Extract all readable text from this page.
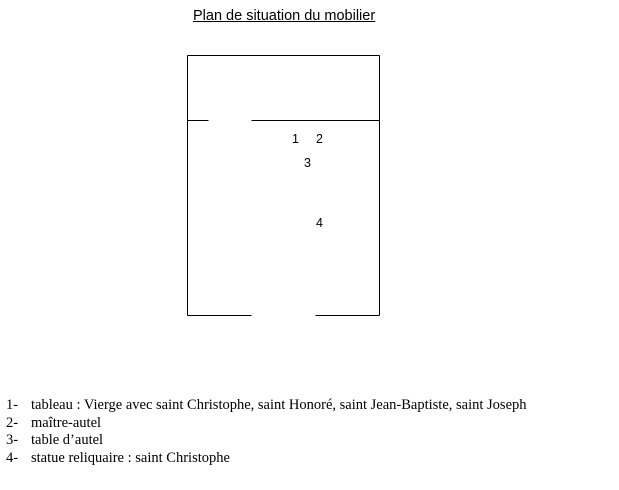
Plan de situation du mobilier
1 2
3
4
1- tableau : Vierge avec saint Christophe, saint Honoré, saint Jean-Baptiste, saint Joseph
2- maître-autel
3- table d’autel
4- statue reliquaire : saint Christophe
